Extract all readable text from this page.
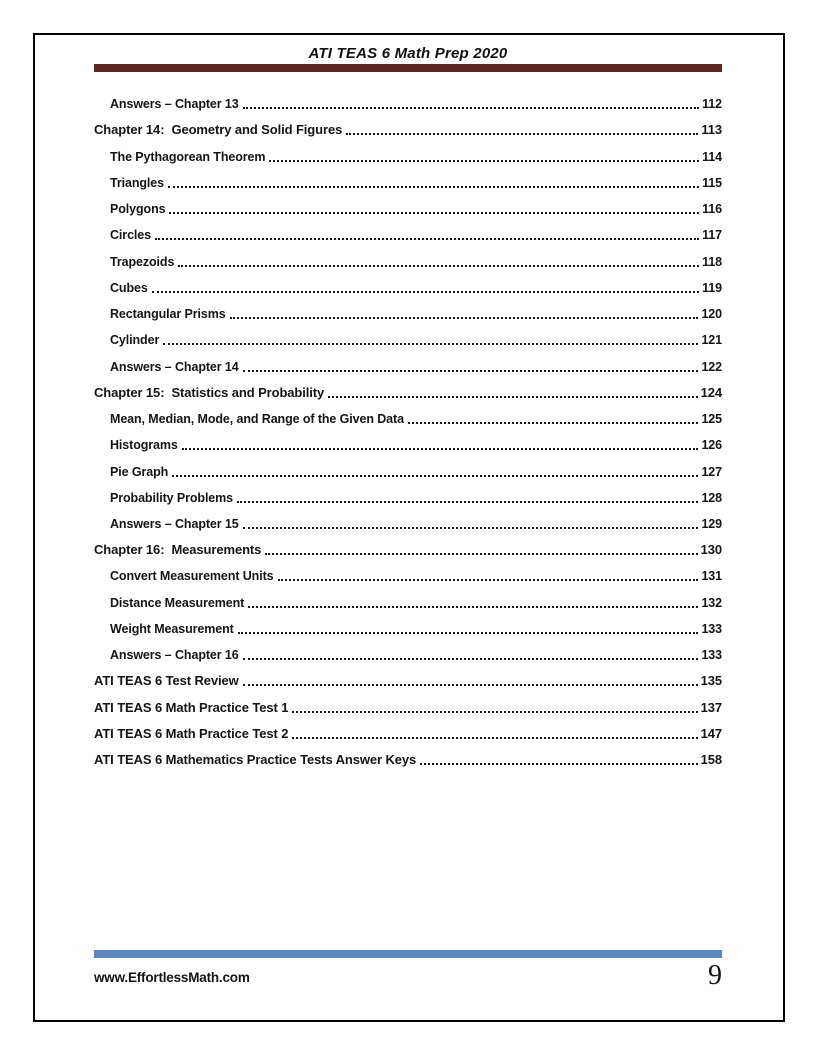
ATI TEAS 6 Math Prep 2020
Answers – Chapter 13	112
Chapter 14:  Geometry and Solid Figures	113
The Pythagorean Theorem	114
Triangles	115
Polygons	116
Circles	117
Trapezoids	118
Cubes	119
Rectangular Prisms	120
Cylinder	121
Answers – Chapter 14	122
Chapter 15:  Statistics and Probability	124
Mean, Median, Mode, and Range of the Given Data	125
Histograms	126
Pie Graph	127
Probability Problems	128
Answers – Chapter 15	129
Chapter 16:  Measurements	130
Convert Measurement Units	131
Distance Measurement	132
Weight Measurement	133
Answers – Chapter 16	133
ATI TEAS 6 Test Review	135
ATI TEAS 6 Math Practice Test 1	137
ATI TEAS 6 Math Practice Test 2	147
ATI TEAS 6 Mathematics Practice Tests Answer Keys	158
www.EffortlessMath.com	9
